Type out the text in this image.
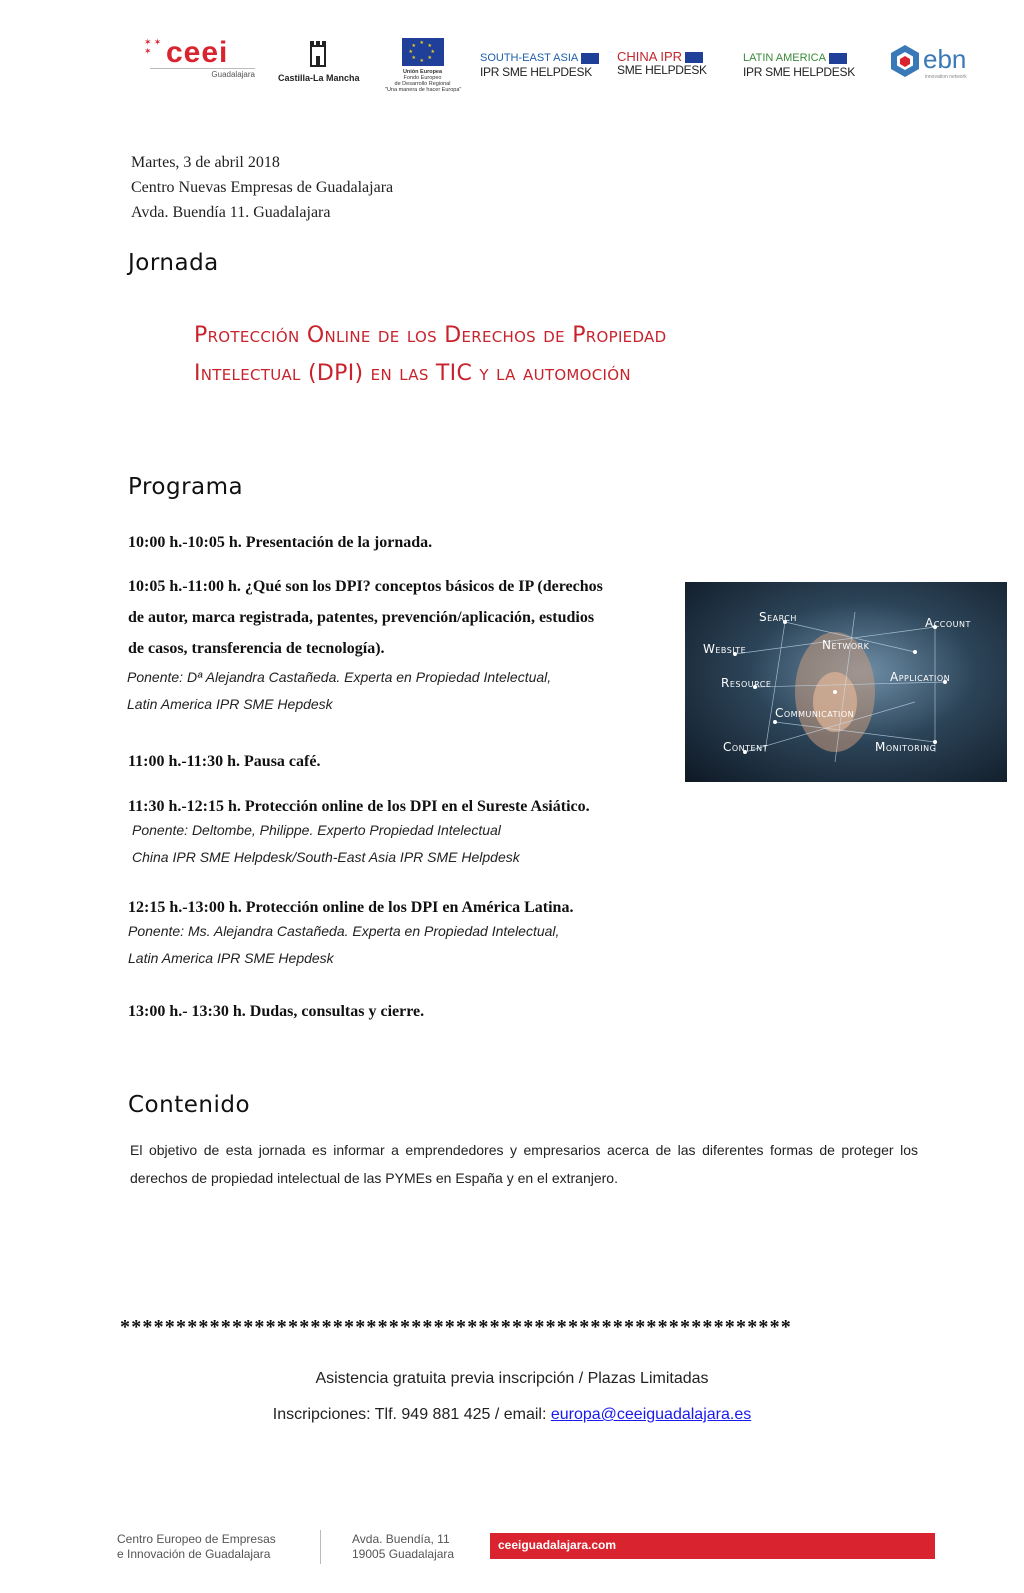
✶ ✶
✶ ceei
Guadalajara	Castilla-La Mancha
★
★
★
★
★
★
★
★
Unión Europea
Fondo Europeo
de Desarrollo Regional
"Una manera de hacer Europa"
SOUTH-EAST ASIA
IPR SME HELPDESK
CHINA IPR
SME HELPDESK
LATIN AMERICA
IPR SME HELPDESK	ebn
innovation network
Martes, 3 de abril 2018
Centro Nuevas Empresas de Guadalajara
Avda. Buendía 11. Guadalajara
Jornada
Protección Online de los Derechos de Propiedad
Intelectual (DPI) en las TIC y la automoción
Programa
10:00 h.-10:05 h. Presentación de la jornada.
10:05 h.-11:00 h. ¿Qué son los DPI? conceptos básicos de IP (derechos
de autor, marca registrada, patentes, prevención/aplicación, estudios
de casos, transferencia de tecnología).
Ponente: Dª Alejandra Castañeda. Experta en Propiedad Intelectual,
Latin America IPR SME Hepdesk
11:00 h.-11:30 h. Pausa café.
11:30 h.-12:15 h. Protección online de los DPI en el Sureste Asiático.
Ponente: Deltombe, Philippe. Experto Propiedad Intelectual
China IPR SME Helpdesk/South-East Asia IPR SME Helpdesk
12:15 h.-13:00 h. Protección online de los DPI en América Latina.
Ponente: Ms. Alejandra Castañeda. Experta en Propiedad Intelectual,
Latin America IPR SME Hepdesk
13:00 h.- 13:30 h. Dudas, consultas y cierre.
Search	Account
Website	Network
Resource	Application
Communication
Content	Monitoring
Contenido
El objetivo de esta jornada es informar a emprendedores y empresarios acerca de las diferentes formas de proteger los derechos de propiedad intelectual de las PYMEs en España y en el extranjero.
************************************************************
Asistencia gratuita previa inscripción / Plazas Limitadas
Inscripciones: Tlf. 949 881 425 / email: europa@ceeiguadalajara.es
Centro Europeo de Empresas
e Innovación de Guadalajara
Avda. Buendía, 11
19005 Guadalajara
ceeiguadalajara.com
